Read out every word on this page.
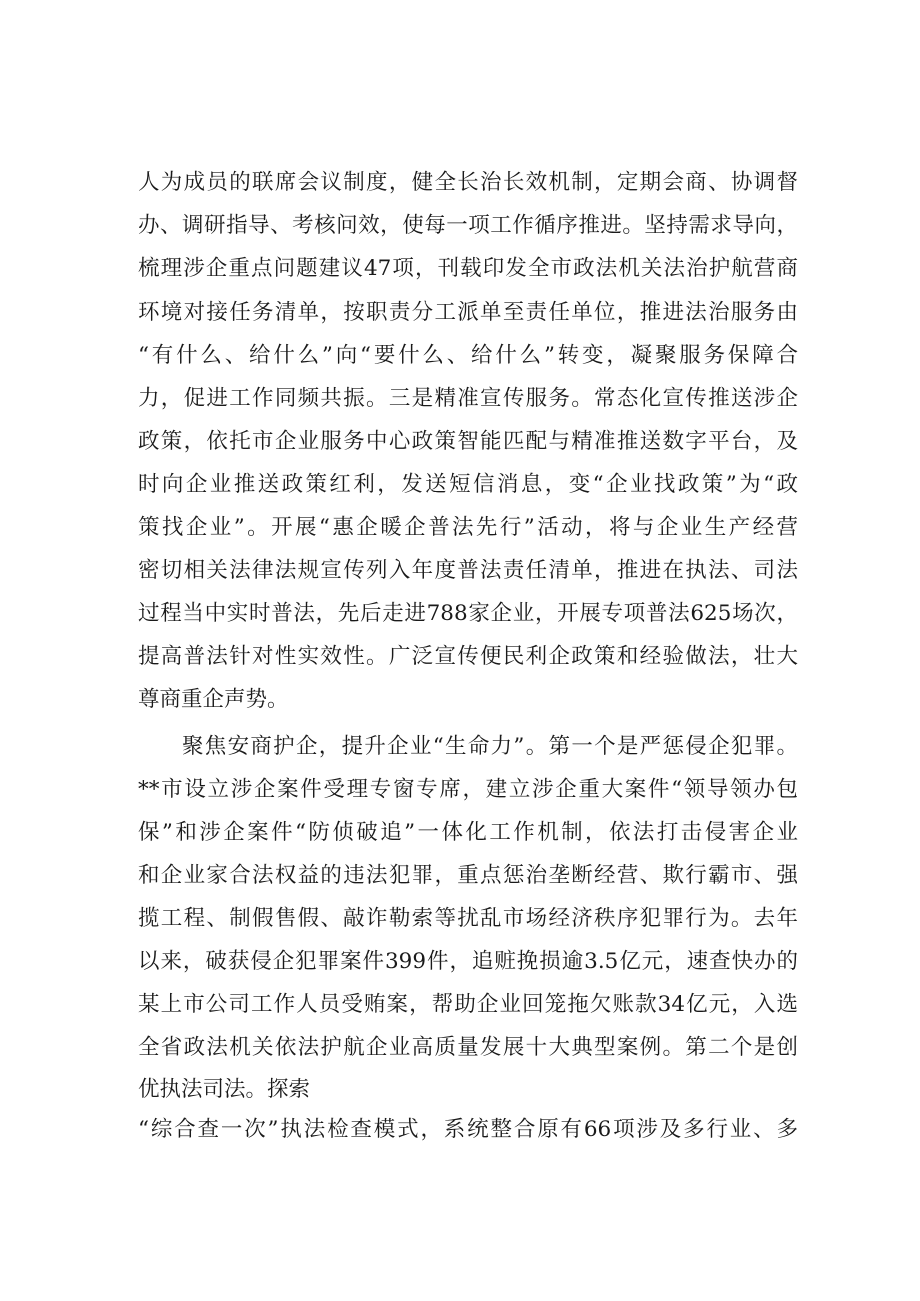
人为成员的联席会议制度，健全长治长效机制，定期会商、协调督
办、调研指导、考核问效，使每一项工作循序推进。坚持需求导向，
梳理涉企重点问题建议47项，刊载印发全市政法机关法治护航营商
环境对接任务清单，按职责分工派单至责任单位，推进法治服务由
“有什么、给什么”向“要什么、给什么”转变，凝聚服务保障合
力，促进工作同频共振。三是精准宣传服务。常态化宣传推送涉企
政策，依托市企业服务中心政策智能匹配与精准推送数字平台，及
时向企业推送政策红利，发送短信消息，变“企业找政策”为“政
策找企业”。开展“惠企暖企普法先行”活动，将与企业生产经营
密切相关法律法规宣传列入年度普法责任清单，推进在执法、司法
过程当中实时普法，先后走进788家企业，开展专项普法625场次，
提高普法针对性实效性。广泛宣传便民利企政策和经验做法，壮大
尊商重企声势。
聚焦安商护企，提升企业“生命力”。第一个是严惩侵企犯罪。
**市设立涉企案件受理专窗专席，建立涉企重大案件“领导领办包
保”和涉企案件“防侦破追”一体化工作机制，依法打击侵害企业
和企业家合法权益的违法犯罪，重点惩治垄断经营、欺行霸市、强
揽工程、制假售假、敲诈勒索等扰乱市场经济秩序犯罪行为。去年
以来，破获侵企犯罪案件399件，追赃挽损逾3.5亿元，速查快办的
某上市公司工作人员受贿案，帮助企业回笼拖欠账款34亿元，入选
全省政法机关依法护航企业高质量发展十大典型案例。第二个是创
优执法司法。探索
“综合查一次”执法检查模式，系统整合原有66项涉及多行业、多
